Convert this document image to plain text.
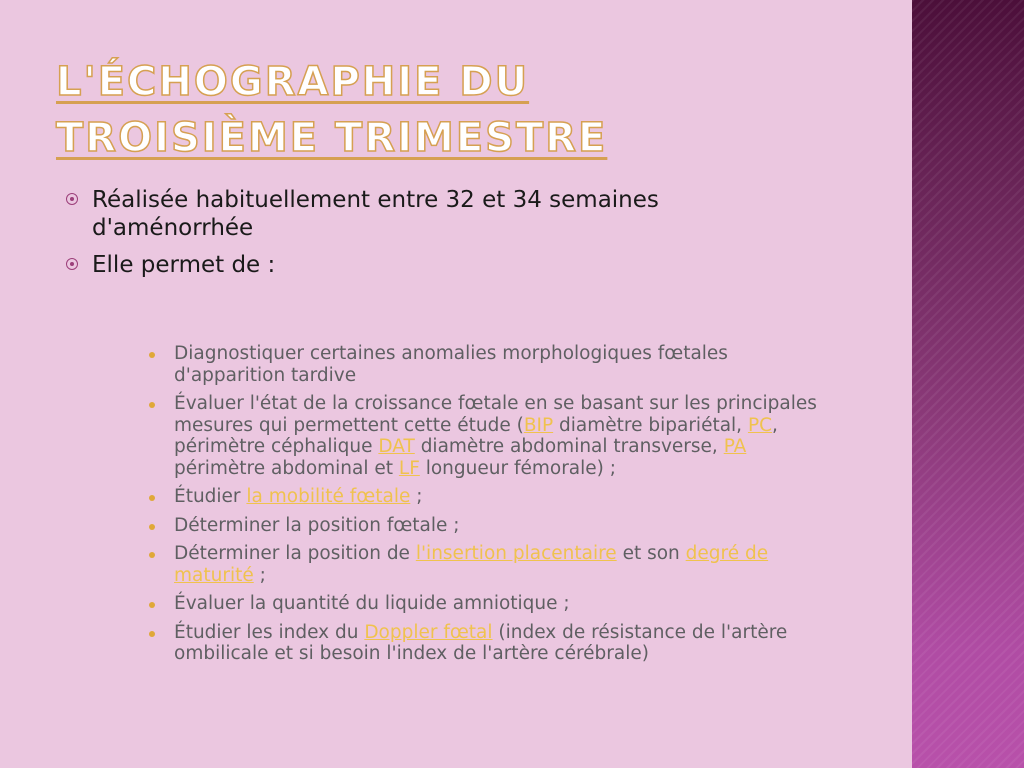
L'ÉCHOGRAPHIE DU TROISIÈME TRIMESTRE
Réalisée habituellement entre 32 et 34 semaines d'aménorrhée
Elle permet de :
Diagnostiquer certaines anomalies morphologiques fœtales d'apparition tardive
Évaluer l'état de la croissance fœtale en se basant sur les principales mesures qui permettent cette étude (BIP diamètre bipariétal, PC, périmètre céphalique DAT diamètre abdominal transverse, PA périmètre abdominal et LF longueur fémorale) ;
Étudier la mobilité fœtale ;
Déterminer la position fœtale ;
Déterminer la position de l'insertion placentaire et son degré de maturité ;
Évaluer la quantité du liquide amniotique ;
Étudier les index du Doppler fœtal (index de résistance de l'artère ombilicale et si besoin l'index de l'artère cérébrale)
